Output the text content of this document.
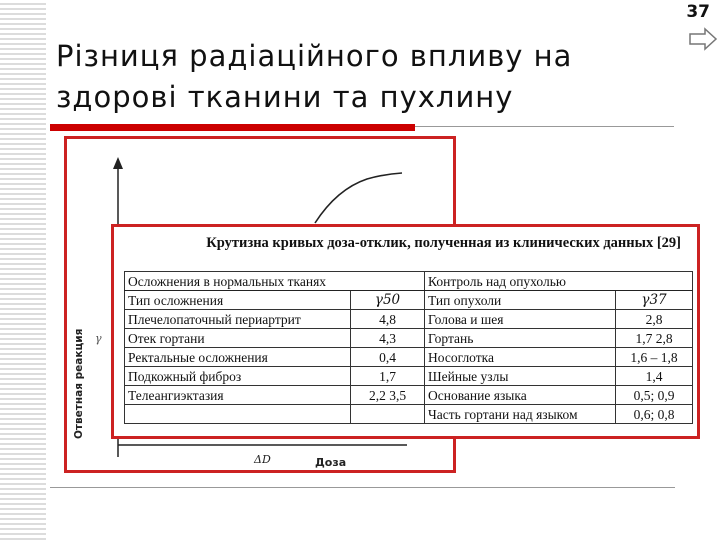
37
Різниця радіаційного впливу на здорові тканини та пухлину
Ответная реакция γ
ΔD	Доза
Крутизна кривых доза-отклик, полученная из клинических данных [29]
Осложнения в нормальных тканях		Контроль над опухолью	
Тип осложнения	γ50	Тип опухоли	γ37
Плечелопаточный периартрит	4,8	Голова и шея	2,8
Отек гортани	4,3	Гортань	1,7 2,8
Ректальные осложнения	0,4	Носоглотка	1,6 – 1,8
Подкожный фиброз	1,7	Шейные узлы	1,4
Телеангиэктазия	2,2 3,5	Основание языка	0,5; 0,9
		Часть гортани над языком	0,6; 0,8
